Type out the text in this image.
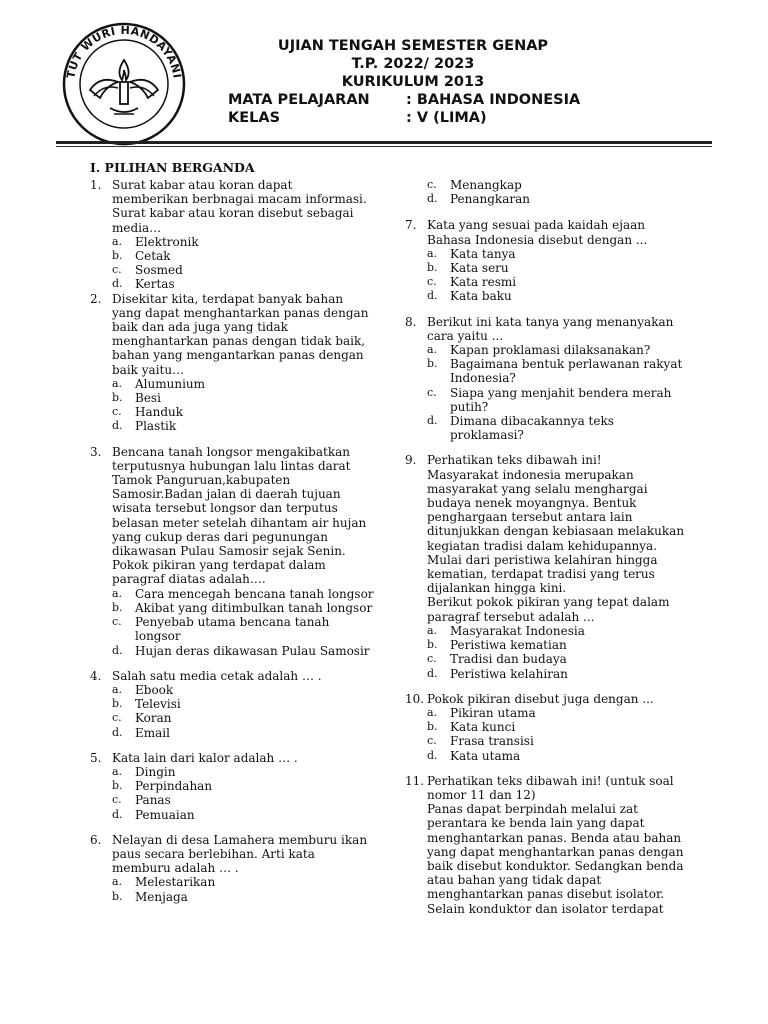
TUT WURI HANDAYANI
UJIAN TENGAH SEMESTER GENAP
T.P. 2022/ 2023
KURIKULUM 2013
MATA PELAJARAN	: BAHASA INDONESIA
KELAS	: V (LIMA)
I. PILIHAN BERGANDA
1. Surat kabar atau koran dapat
memberikan berbnagai macam informasi.
Surat kabar atau koran disebut sebagai
media…
a. Elektronik
b. Cetak
c. Sosmed
d. Kertas
2. Disekitar kita, terdapat banyak bahan
yang dapat menghantarkan panas dengan
baik dan ada juga yang tidak
menghantarkan panas dengan tidak baik,
bahan yang mengantarkan panas dengan
baik yaitu…
a. Alumunium
b. Besi
c. Handuk
d. Plastik
3. Bencana tanah longsor mengakibatkan
terputusnya hubungan lalu lintas darat
Tamok Panguruan,kabupaten
Samosir.Badan jalan di daerah tujuan
wisata tersebut longsor dan terputus
belasan meter setelah dihantam air hujan
yang cukup deras dari pegunungan
dikawasan Pulau Samosir sejak Senin.
Pokok pikiran yang terdapat dalam
paragraf diatas adalah….
a. Cara mencegah bencana tanah longsor
b. Akibat yang ditimbulkan tanah longsor
c. Penyebab utama bencana tanah longsor
d. Hujan deras dikawasan Pulau Samosir
4. Salah satu media cetak adalah … .
a. Ebook
b. Televisi
c. Koran
d. Email
5. Kata lain dari kalor adalah … .
a. Dingin
b. Perpindahan
c. Panas
d. Pemuaian
6. Nelayan di desa Lamahera memburu ikan
paus secara berlebihan. Arti kata
memburu adalah … .
a. Melestarikan
b. Menjaga
c. Menangkap
d. Penangkaran
7. Kata yang sesuai pada kaidah ejaan
Bahasa Indonesia disebut dengan ...
a. Kata tanya
b. Kata seru
c. Kata resmi
d. Kata baku
8. Berikut ini kata tanya yang menanyakan
cara yaitu ...
a. Kapan proklamasi dilaksanakan?
b. Bagaimana bentuk perlawanan rakyat Indonesia?
c. Siapa yang menjahit bendera merah putih?
d. Dimana dibacakannya teks proklamasi?
9. Perhatikan teks dibawah ini!
Masyarakat indonesia merupakan
masyarakat yang selalu menghargai
budaya nenek moyangnya. Bentuk
penghargaan tersebut antara lain
ditunjukkan dengan kebiasaan melakukan
kegiatan tradisi dalam kehidupannya.
Mulai dari peristiwa kelahiran hingga
kematian, terdapat tradisi yang terus
dijalankan hingga kini.
Berikut pokok pikiran yang tepat dalam
paragraf tersebut adalah ...
a. Masyarakat Indonesia
b. Peristiwa kematian
c. Tradisi dan budaya
d. Peristiwa kelahiran
10. Pokok pikiran disebut juga dengan ...
a. Pikiran utama
b. Kata kunci
c. Frasa transisi
d. Kata utama
11. Perhatikan teks dibawah ini! (untuk soal
nomor 11 dan 12)
Panas dapat berpindah melalui zat
perantara ke benda lain yang dapat
menghantarkan panas. Benda atau bahan
yang dapat menghantarkan panas dengan
baik disebut konduktor. Sedangkan benda
atau bahan yang tidak dapat
menghantarkan panas disebut isolator.
Selain konduktor dan isolator terdapat
